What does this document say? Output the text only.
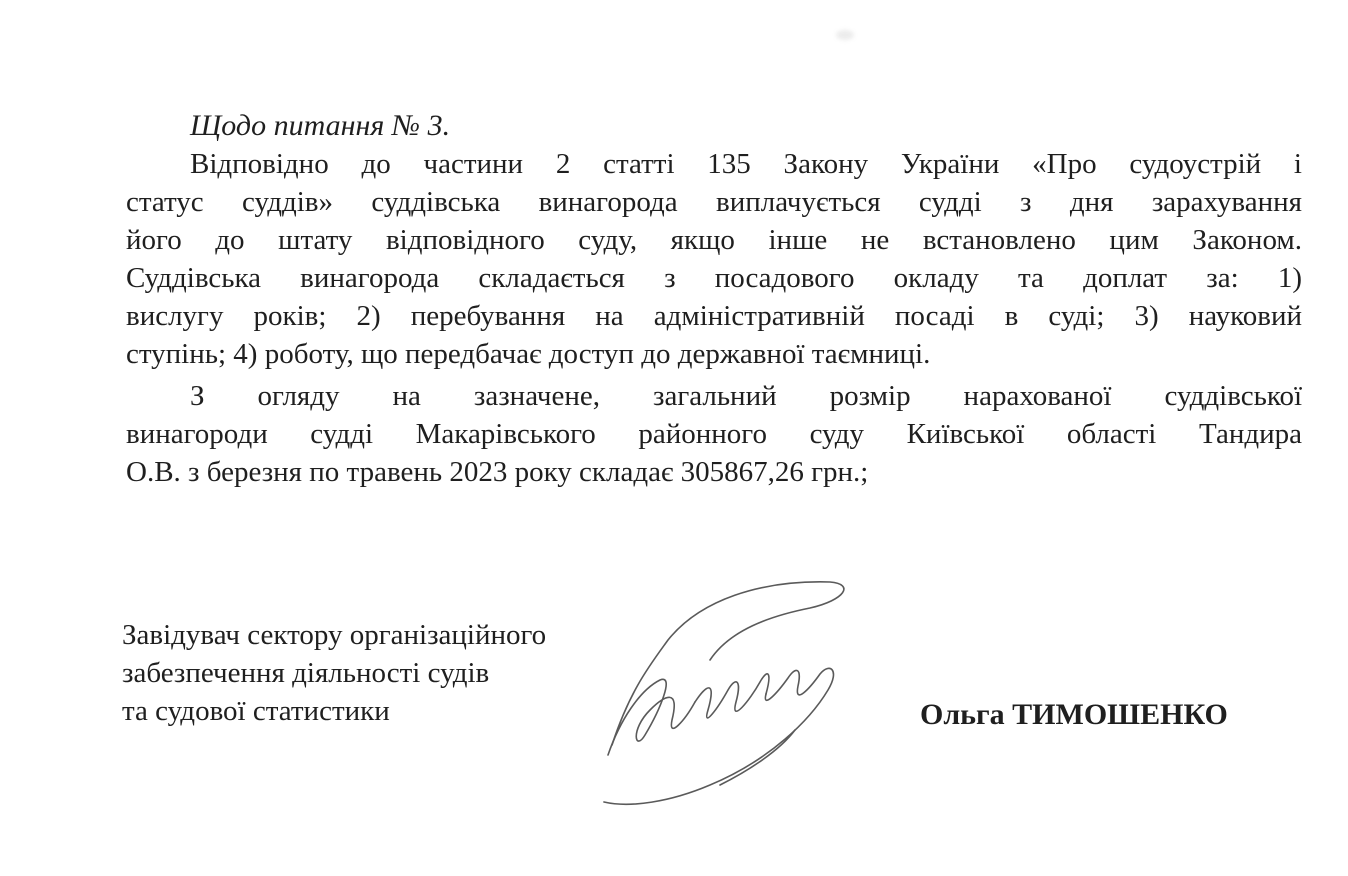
Щодо питання № 3.
Відповідно до частини 2 статті 135 Закону України «Про судоустрій і
статус суддів» суддівська винагорода виплачується судді з дня зарахування
його до штату відповідного суду, якщо інше не встановлено цим Законом.
Суддівська винагорода складається з посадового окладу та доплат за: 1)
вислугу років; 2) перебування на адміністративній посаді в суді; 3) науковий
ступінь; 4) роботу, що передбачає доступ до державної таємниці.
З огляду на зазначене, загальний розмір нарахованої суддівської
винагороди судді Макарівського районного суду Київської області Тандира
О.В. з березня по травень 2023 року складає 305867,26 грн.;
Завідувач сектору організаційного
забезпечення діяльності судів
та судової статистики	Ольга ТИМОШЕНКО
